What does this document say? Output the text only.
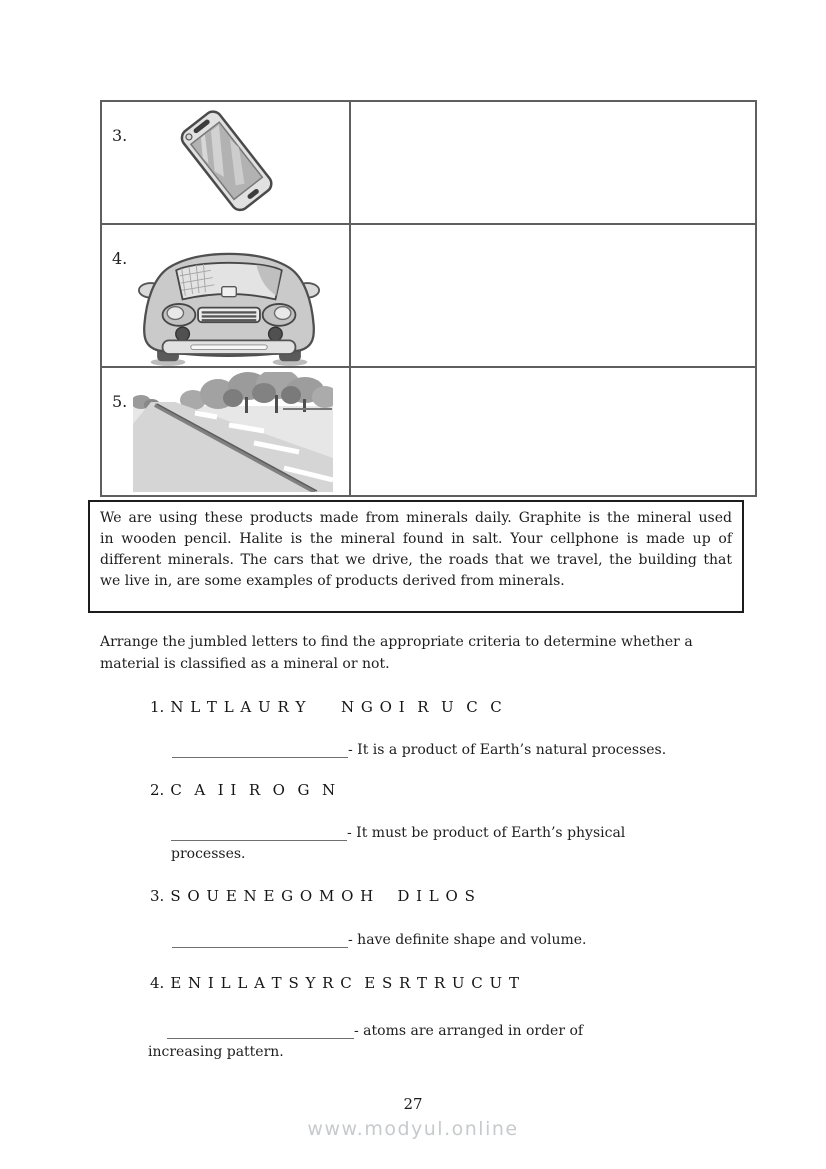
3.	

4.	

5.	

We are using these products made from minerals daily. Graphite is the mineral used
in wooden pencil. Halite is the mineral found in salt. Your cellphone is made up of
different minerals. The cars that we drive, the roads that we travel, the building that
we live in, are some examples of products derived from minerals.
Arrange the jumbled letters to find the appropriate criteria to determine whether a
material is classified as a mineral or not.
1. N L T L A U R Y      N G O I  R  U  C  C
- It is a product of Earth’s natural processes.
2. C  A  I I  R  O  G  N
- It must be product of Earth’s physical
processes.
3. S O U E N E G O M O H    D I L O S
- have definite shape and volume.
4. E N I L L A T S Y R C  E S R T R U C U T
- atoms are arranged in order of
increasing pattern.
27
www.modyul.online
